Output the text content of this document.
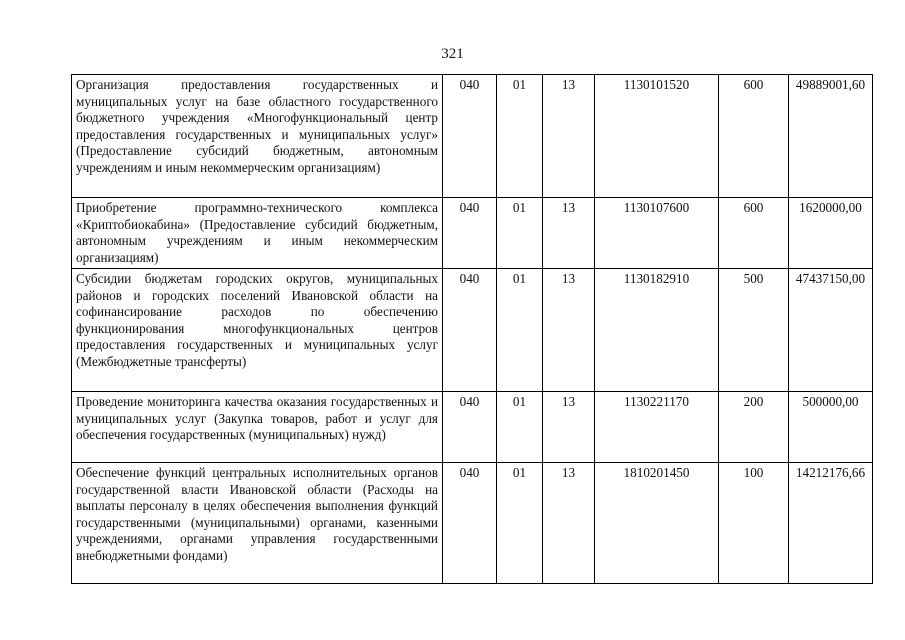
321
Организация предоставления государственных и муниципальных услуг на базе областного государственного бюджетного учреждения «Многофункциональный центр предоставления государственных и муниципальных услуг» (Предоставление субсидий бюджетным, автономным учреждениям и иным некоммерческим организациям)	040	01	13	1130101520	600	49889001,60
Приобретение программно-технического комплекса «Криптобиокабина» (Предоставление субсидий бюджетным, автономным учреждениям и иным некоммерческим организациям)	040	01	13	1130107600	600	1620000,00
Субсидии бюджетам городских округов, муниципальных районов и городских поселений Ивановской области на софинансирование расходов по обеспечению функционирования многофункциональных центров предоставления государственных и муниципальных услуг (Межбюджетные трансферты)	040	01	13	1130182910	500	47437150,00
Проведение мониторинга качества оказания государственных и муниципальных услуг (Закупка товаров, работ и услуг для обеспечения государственных (муниципальных) нужд)	040	01	13	1130221170	200	500000,00
Обеспечение функций центральных исполнительных органов государственной власти Ивановской области (Расходы на выплаты персоналу в целях обеспечения выполнения функций государственными (муниципальными) органами, казенными учреждениями, органами управления государственными внебюджетными фондами)	040	01	13	1810201450	100	14212176,66
